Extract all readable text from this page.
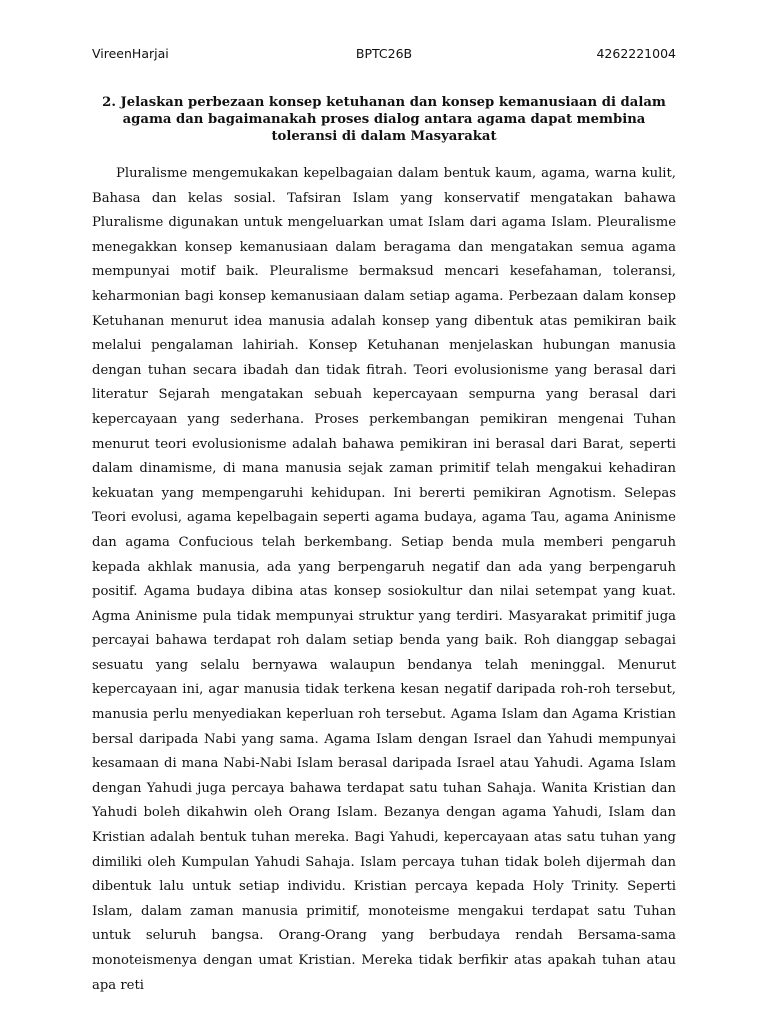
VireenHarjai	BPTC26B	4262221004
2. Jelaskan perbezaan konsep ketuhanan dan konsep kemanusiaan di dalam agama dan bagaimanakah proses dialog antara agama dapat membina toleransi di dalam Masyarakat

Pluralisme mengemukakan kepelbagaian dalam bentuk kaum, agama, warna kulit, Bahasa dan kelas sosial. Tafsiran Islam yang konservatif mengatakan bahawa Pluralisme digunakan untuk mengeluarkan umat Islam dari agama Islam. Pleuralisme menegakkan konsep kemanusiaan dalam beragama dan mengatakan semua agama mempunyai motif baik. Pleuralisme bermaksud mencari kesefahaman, toleransi, keharmonian bagi konsep kemanusiaan dalam setiap agama. Perbezaan dalam konsep Ketuhanan menurut idea manusia adalah konsep yang dibentuk atas pemikiran baik melalui pengalaman lahiriah. Konsep Ketuhanan menjelaskan hubungan manusia dengan tuhan secara ibadah dan tidak fitrah. Teori evolusionisme yang berasal dari literatur Sejarah mengatakan sebuah kepercayaan sempurna yang berasal dari kepercayaan yang sederhana. Proses perkembangan pemikiran mengenai Tuhan menurut teori evolusionisme adalah bahawa pemikiran ini berasal dari Barat, seperti dalam dinamisme, di mana manusia sejak zaman primitif telah mengakui kehadiran kekuatan yang mempengaruhi kehidupan. Ini bererti pemikiran Agnotism. Selepas Teori evolusi, agama kepelbagain seperti agama budaya, agama Tau, agama Aninisme dan agama Confucious telah berkembang. Setiap benda mula memberi pengaruh kepada akhlak manusia, ada yang berpengaruh negatif dan ada yang berpengaruh positif. Agama budaya dibina atas konsep sosiokultur dan nilai setempat yang kuat. Agma Aninisme pula tidak mempunyai struktur yang terdiri. Masyarakat primitif juga percayai bahawa terdapat roh dalam setiap benda yang baik. Roh dianggap sebagai sesuatu yang selalu bernyawa walaupun bendanya telah meninggal. Menurut kepercayaan ini, agar manusia tidak terkena kesan negatif daripada roh-roh tersebut, manusia perlu menyediakan keperluan roh tersebut. Agama Islam dan Agama Kristian bersal daripada Nabi yang sama. Agama Islam dengan Israel dan Yahudi mempunyai kesamaan di mana Nabi-Nabi Islam berasal daripada Israel atau Yahudi. Agama Islam dengan Yahudi juga percaya bahawa terdapat satu tuhan Sahaja. Wanita Kristian dan Yahudi boleh dikahwin oleh Orang Islam. Bezanya dengan agama Yahudi, Islam dan Kristian adalah bentuk tuhan mereka. Bagi Yahudi, kepercayaan atas satu tuhan yang dimiliki oleh Kumpulan Yahudi Sahaja. Islam percaya tuhan tidak boleh dijermah dan dibentuk lalu untuk setiap individu. Kristian percaya kepada Holy Trinity. Seperti Islam, dalam zaman manusia primitif, monoteisme mengakui terdapat satu Tuhan untuk seluruh bangsa. Orang-Orang yang berbudaya rendah Bersama-sama monoteismenya dengan umat Kristian. Mereka tidak berfikir atas apakah tuhan atau apa reti
